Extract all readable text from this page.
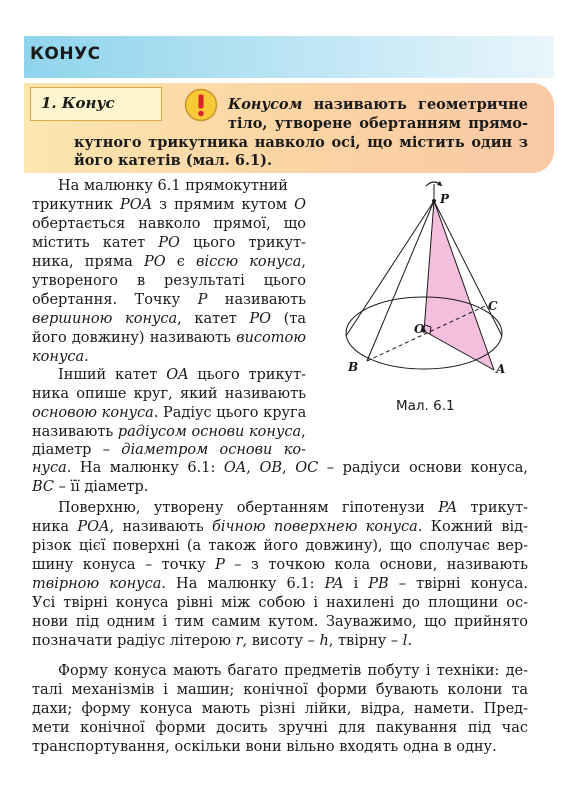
КОНУС
1. Конус	Конусом називають геометричне
тіло, утворене обертанням прямо-
кутного трикутника навколо осі, що містить один з
його катетів (мал. 6.1).
P
O
C
B	A
Мал. 6.1
На малюнку 6.1 прямокутний
трикутник POA з прямим кутом O
обертається навколо прямої, що
містить катет PO цього трикут-
ника, пряма PO є віссю конуса,
утвореного в результаті цього
обертання. Точку P називають
вершиною конуса, катет PO (та
його довжину) називають висотою
конуса.
Інший катет OA цього трикут-
ника опише круг, який називають
основою конуса. Радіус цього круга
називають радіусом основи конуса,
діаметр – діаметром основи ко-
нуса. На малюнку 6.1: OA, OB, OC – радіуси основи конуса,
BC – її діаметр.
Поверхню, утворену обертанням гіпотенузи PA трикут-
ника POA, називають бічною поверхнею конуса. Кожний від-
різок цієї поверхні (а також його довжину), що сполучає вер-
шину конуса – точку P – з точкою кола основи, називають
твірною конуса. На малюнку 6.1: PA і PB – твірні конуса.
Усі твірні конуса рівні між собою і нахилені до площини ос-
нови під одним і тим самим кутом. Зауважимо, що прийнято
позначати радіус літерою r, висоту – h, твірну – l.
Форму конуса мають багато предметів побуту і техніки: де-
талі механізмів і машин; конічної форми бувають колони та
дахи; форму конуса мають різні лійки, відра, намети. Пред-
мети конічної форми досить зручні для пакування під час
транспортування, оскільки вони вільно входять одна в одну.
